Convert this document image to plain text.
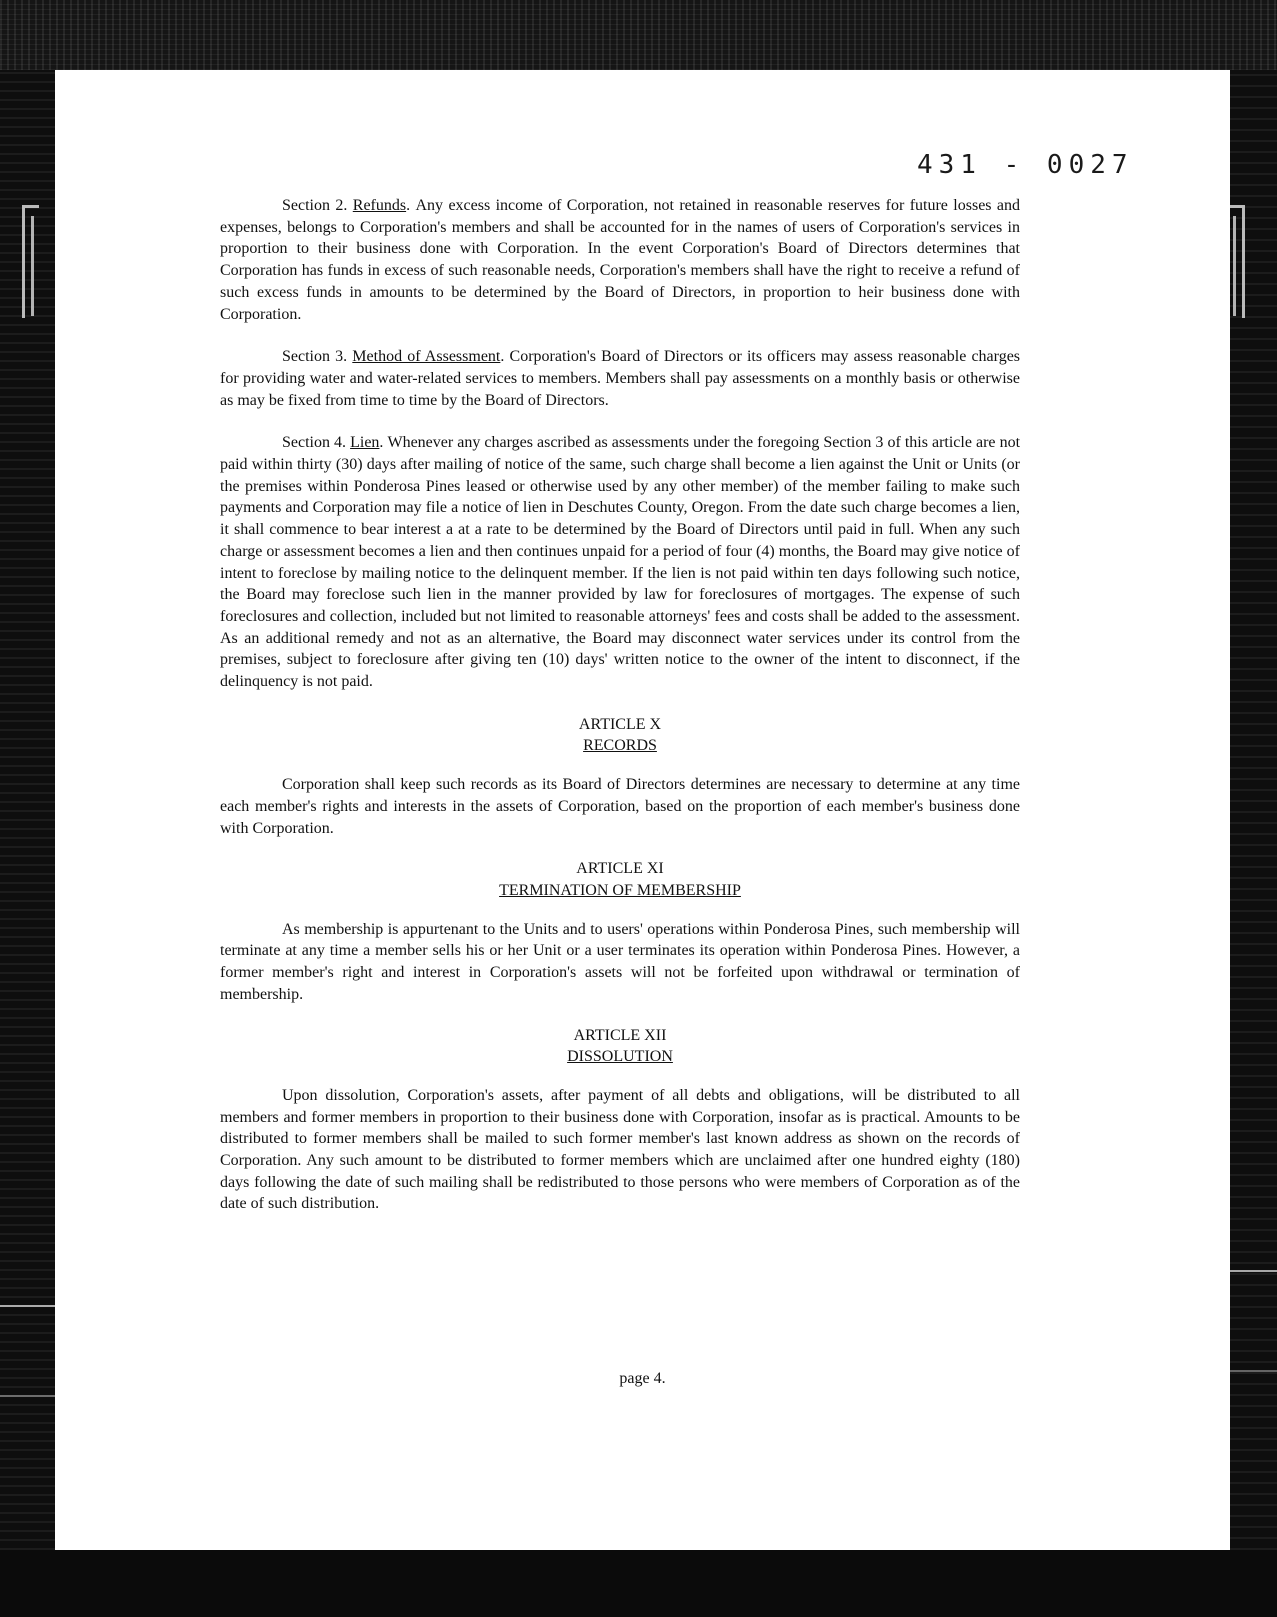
431 - 0027
page 4.

Section 2. Refunds. Any excess income of Corporation, not retained in reasonable reserves for future losses and expenses, belongs to Corporation's members and shall be accounted for in the names of users of Corporation's services in proportion to their business done with Corporation. In the event Corporation's Board of Directors determines that Corporation has funds in excess of such reasonable needs, Corporation's members shall have the right to receive a refund of such excess funds in amounts to be determined by the Board of Directors, in proportion to heir business done with Corporation.

Section 3. Method of Assessment. Corporation's Board of Directors or its officers may assess reasonable charges for providing water and water-related services to members. Members shall pay assessments on a monthly basis or otherwise as may be fixed from time to time by the Board of Directors.

Section 4. Lien. Whenever any charges ascribed as assessments under the foregoing Section 3 of this article are not paid within thirty (30) days after mailing of notice of the same, such charge shall become a lien against the Unit or Units (or the premises within Ponderosa Pines leased or otherwise used by any other member) of the member failing to make such payments and Corporation may file a notice of lien in Deschutes County, Oregon. From the date such charge becomes a lien, it shall commence to bear interest a at a rate to be determined by the Board of Directors until paid in full. When any such charge or assessment becomes a lien and then continues unpaid for a period of four (4) months, the Board may give notice of intent to foreclose by mailing notice to the delinquent member. If the lien is not paid within ten days following such notice, the Board may foreclose such lien in the manner provided by law for foreclosures of mortgages. The expense of such foreclosures and collection, included but not limited to reasonable attorneys' fees and costs shall be added to the assessment. As an additional remedy and not as an alternative, the Board may disconnect water services under its control from the premises, subject to foreclosure after giving ten (10) days' written notice to the owner of the intent to disconnect, if the delinquency is not paid.

ARTICLE X
RECORDS

Corporation shall keep such records as its Board of Directors determines are necessary to determine at any time each member's rights and interests in the assets of Corporation, based on the proportion of each member's business done with Corporation.

ARTICLE XI
TERMINATION OF MEMBERSHIP

As membership is appurtenant to the Units and to users' operations within Ponderosa Pines, such membership will terminate at any time a member sells his or her Unit or a user terminates its operation within Ponderosa Pines. However, a former member's right and interest in Corporation's assets will not be forfeited upon withdrawal or termination of membership.

ARTICLE XII
DISSOLUTION

Upon dissolution, Corporation's assets, after payment of all debts and obligations, will be distributed to all members and former members in proportion to their business done with Corporation, insofar as is practical. Amounts to be distributed to former members shall be mailed to such former member's last known address as shown on the records of Corporation. Any such amount to be distributed to former members which are unclaimed after one hundred eighty (180) days following the date of such mailing shall be redistributed to those persons who were members of Corporation as of the date of such distribution.
